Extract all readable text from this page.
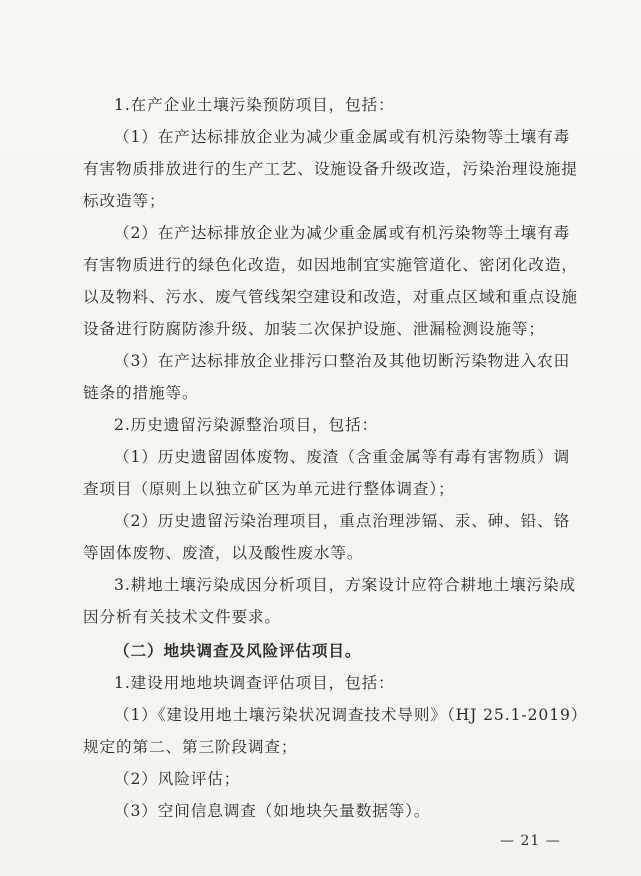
1.在产企业土壤污染预防项目，包括：
（1）在产达标排放企业为减少重金属或有机污染物等土壤有毒
有害物质排放进行的生产工艺、设施设备升级改造，污染治理设施提
标改造等；
（2）在产达标排放企业为减少重金属或有机污染物等土壤有毒
有害物质进行的绿色化改造，如因地制宜实施管道化、密闭化改造，
以及物料、污水、废气管线架空建设和改造，对重点区域和重点设施
设备进行防腐防渗升级、加装二次保护设施、泄漏检测设施等；
（3）在产达标排放企业排污口整治及其他切断污染物进入农田
链条的措施等。
2.历史遗留污染源整治项目，包括：
（1）历史遗留固体废物、废渣（含重金属等有毒有害物质）调
查项目（原则上以独立矿区为单元进行整体调查）；
（2）历史遗留污染治理项目，重点治理涉镉、汞、砷、铅、铬
等固体废物、废渣，以及酸性废水等。
3.耕地土壤污染成因分析项目，方案设计应符合耕地土壤污染成
因分析有关技术文件要求。
（二）地块调查及风险评估项目。
1.建设用地地块调查评估项目，包括：
（1）《建设用地土壤污染状况调查技术导则》（HJ 25.1-2019）
规定的第二、第三阶段调查；
（2）风险评估；
（3）空间信息调查（如地块矢量数据等）。
— 21 —
